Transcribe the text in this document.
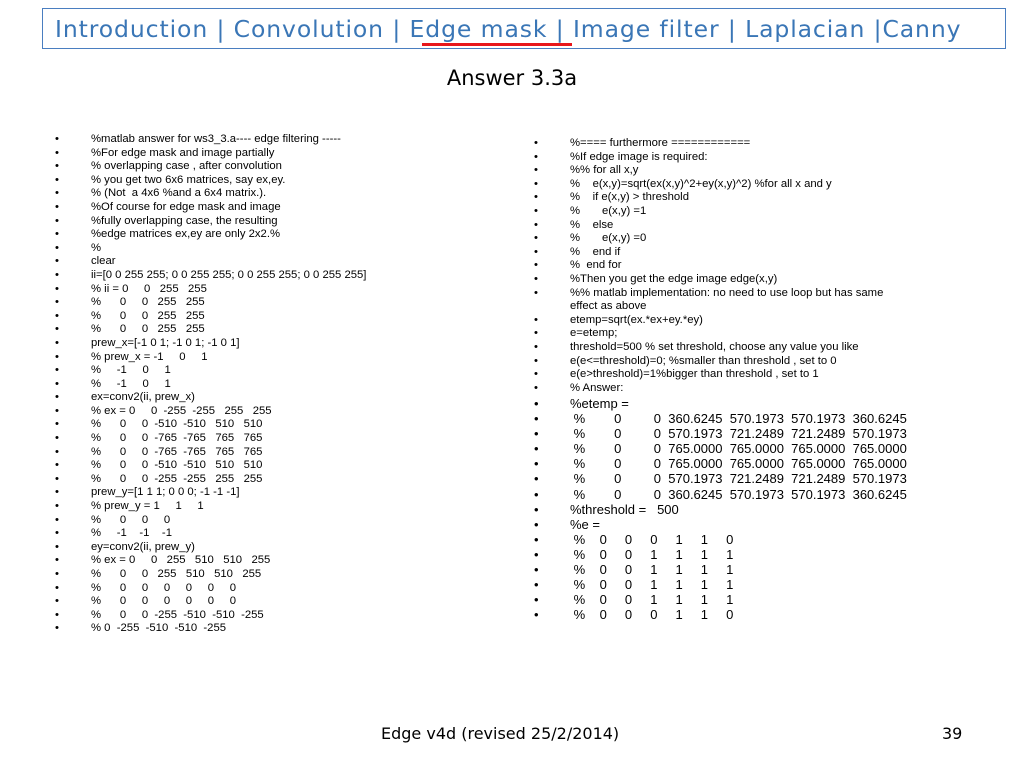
Introduction | Convolution | Edge mask | Image filter | Laplacian |Canny
Answer 3.3a
•	%matlab answer for ws3_3.a---- edge filtering -----
•	%For edge mask and image partially
•	% overlapping case , after convolution
•	% you get two 6x6 matrices, say ex,ey.
•	% (Not  a 4x6 %and a 6x4 matrix.).
•	%Of course for edge mask and image
•	%fully overlapping case, the resulting
•	%edge matrices ex,ey are only 2x2.%
•	%
•	clear
•	ii=[0 0 255 255; 0 0 255 255; 0 0 255 255; 0 0 255 255]
•	% ii = 0     0   255   255
•	%      0     0   255   255
•	%      0     0   255   255
•	%      0     0   255   255
•	prew_x=[-1 0 1; -1 0 1; -1 0 1]
•	% prew_x = -1     0     1
•	%     -1     0     1
•	%     -1     0     1
•	ex=conv2(ii, prew_x)
•	% ex = 0     0  -255  -255   255   255
•	%      0     0  -510  -510   510   510
•	%      0     0  -765  -765   765   765
•	%      0     0  -765  -765   765   765
•	%      0     0  -510  -510   510   510
•	%      0     0  -255  -255   255   255
•	prew_y=[1 1 1; 0 0 0; -1 -1 -1]
•	% prew_y = 1     1     1
•	%      0     0     0
•	%     -1    -1    -1
•	ey=conv2(ii, prew_y)
•	% ex = 0     0   255   510   510   255
•	%      0     0   255   510   510   255
•	%      0     0     0     0     0     0
•	%      0     0     0     0     0     0
•	%      0     0  -255  -510  -510  -255
•	% 0  -255  -510  -510  -255
•	%==== furthermore ============
•	%If edge image is required:
•	%% for all x,y
•	%    e(x,y)=sqrt(ex(x,y)^2+ey(x,y)^2) %for all x and y
•	%    if e(x,y) > threshold
•	%       e(x,y) =1
•	%    else
•	%       e(x,y) =0
•	%    end if
•	%  end for
•	%Then you get the edge image edge(x,y)
•	%% matlab implementation: no need to use loop but has same
effect as above
•	etemp=sqrt(ex.*ex+ey.*ey)
•	e=etemp;
•	threshold=500 % set threshold, choose any value you like
•	e(e<=threshold)=0; %smaller than threshold , set to 0
•	e(e>threshold)=1%bigger than threshold , set to 1
•	% Answer:
• %etemp =
• %        0         0  360.6245  570.1973  570.1973  360.6245
• %        0         0  570.1973  721.2489  721.2489  570.1973
• %        0         0  765.0000  765.0000  765.0000  765.0000
• %        0         0  765.0000  765.0000  765.0000  765.0000
• %        0         0  570.1973  721.2489  721.2489  570.1973
• %        0         0  360.6245  570.1973  570.1973  360.6245
• %threshold =   500
• %e =
• %    0     0     0     1     1     0
• %    0     0     1     1     1     1
• %    0     0     1     1     1     1
• %    0     0     1     1     1     1
• %    0     0     1     1     1     1
• %    0     0     0     1     1     0
Edge v4d (revised 25/2/2014)	39
